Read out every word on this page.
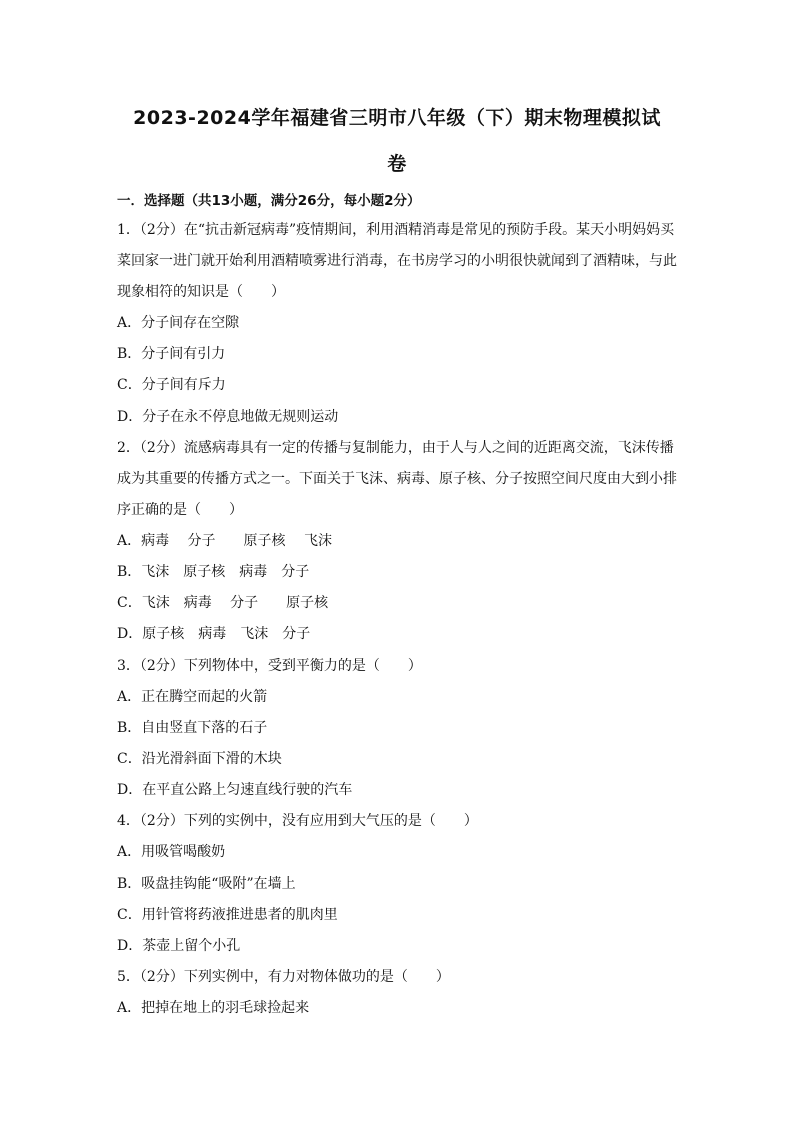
2023-2024学年福建省三明市八年级（下）期末物理模拟试
卷
一．选择题（共13小题，满分26分，每小题2分）
1．（2分）在“抗击新冠病毒”疫情期间，利用酒精消毒是常见的预防手段。某天小明妈妈买
菜回家一进门就开始利用酒精喷雾进行消毒，在书房学习的小明很快就闻到了酒精味，与此
现象相符的知识是（　　）
A．分子间存在空隙
B．分子间有引力
C．分子间有斥力
D．分子在永不停息地做无规则运动
2．（2分）流感病毒具有一定的传播与复制能力，由于人与人之间的近距离交流，飞沫传播
成为其重要的传播方式之一。下面关于飞沫、病毒、原子核、分子按照空间尺度由大到小排
序正确的是（　　）
A．病毒　 分子　　原子核　 飞沫
B．飞沫　原子核　病毒　分子
C．飞沫　病毒　 分子　　原子核
D．原子核　病毒　飞沫　分子
3．（2分）下列物体中，受到平衡力的是（　　）
A．正在腾空而起的火箭
B．自由竖直下落的石子
C．沿光滑斜面下滑的木块
D．在平直公路上匀速直线行驶的汽车
4．（2分）下列的实例中，没有应用到大气压的是（　　）
A．用吸管喝酸奶
B．吸盘挂钩能“吸附”在墙上
C．用针管将药液推进患者的肌肉里
D．茶壶上留个小孔
5．（2分）下列实例中，有力对物体做功的是（　　）
A．把掉在地上的羽毛球捡起来
